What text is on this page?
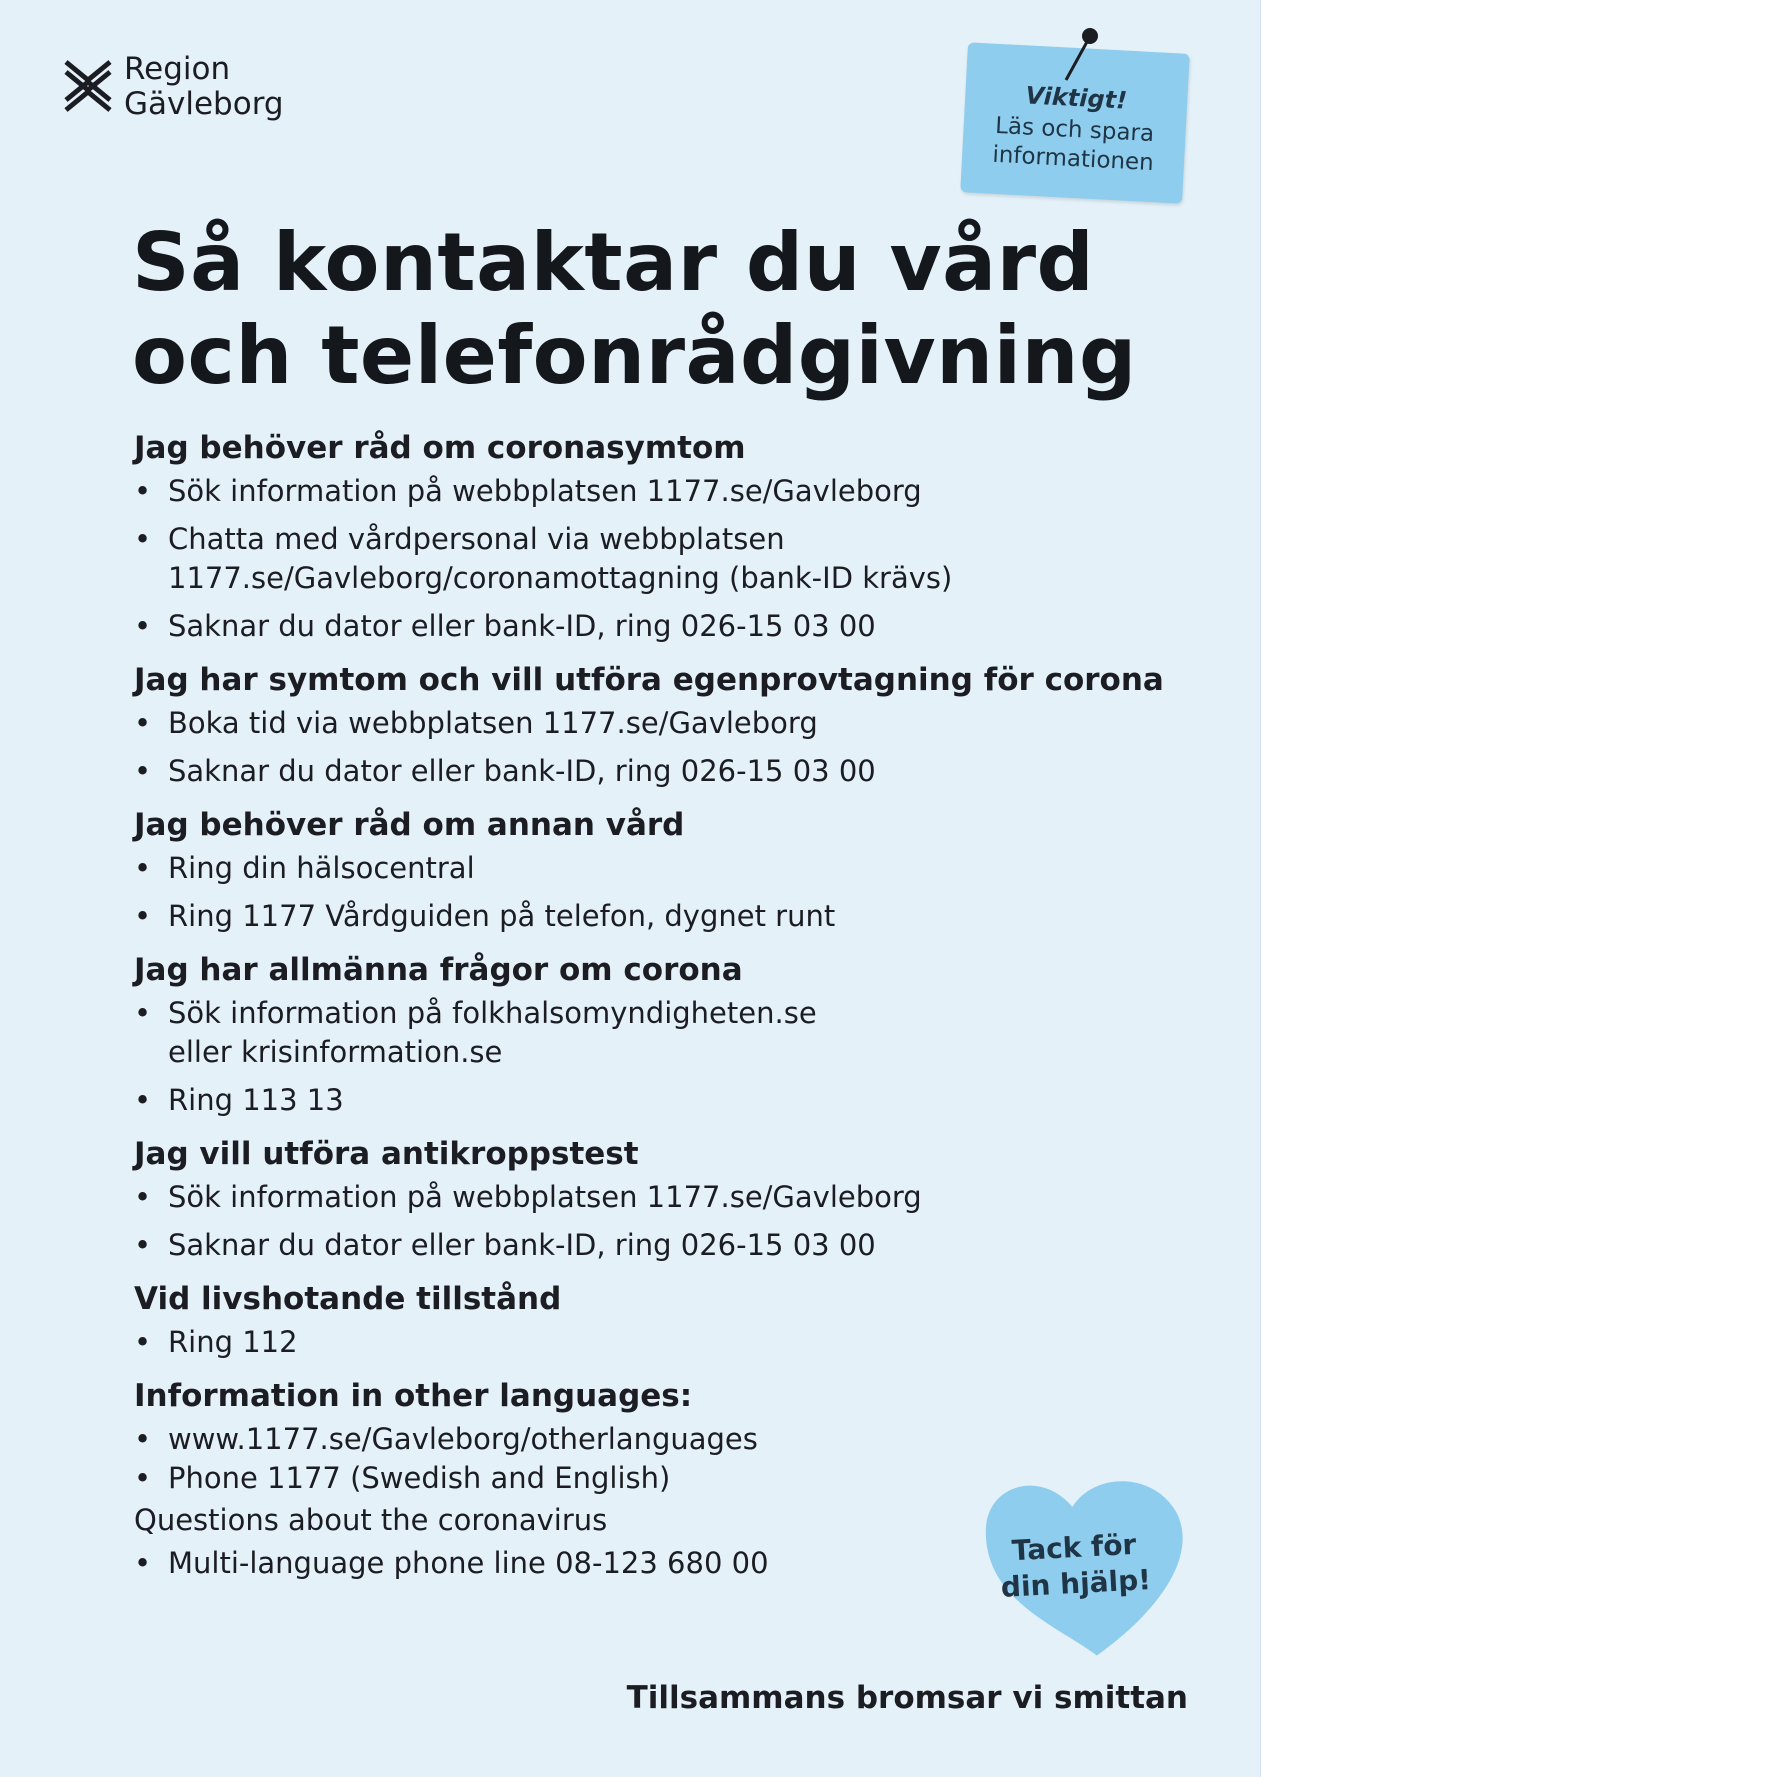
Region
Gävleborg	Viktigt!
Läs och spara informationen
Så kontaktar du vård och telefonrådgivning
Jag behöver råd om coronasymtom
• Sök information på webbplatsen 1177.se/Gavleborg
• Chatta med vårdpersonal via webbplatsen
1177.se/Gavleborg/coronamottagning (bank-ID krävs)
• Saknar du dator eller bank-ID, ring 026-15 03 00
Jag har symtom och vill utföra egenprovtagning för corona
• Boka tid via webbplatsen 1177.se/Gavleborg
• Saknar du dator eller bank-ID, ring 026-15 03 00
Jag behöver råd om annan vård
• Ring din hälsocentral
• Ring 1177 Vårdguiden på telefon, dygnet runt
Jag har allmänna frågor om corona
• Sök information på folkhalsomyndigheten.se
eller krisinformation.se
• Ring 113 13
Jag vill utföra antikroppstest
• Sök information på webbplatsen 1177.se/Gavleborg
• Saknar du dator eller bank-ID, ring 026-15 03 00
Vid livshotande tillstånd
• Ring 112
Information in other languages:
• www.1177.se/Gavleborg/otherlanguages
• Phone 1177 (Swedish and English)
Questions about the coronavirus
• Multi-language phone line 08-123 680 00	Tack för din hjälp!
Tillsammans bromsar vi smittan
